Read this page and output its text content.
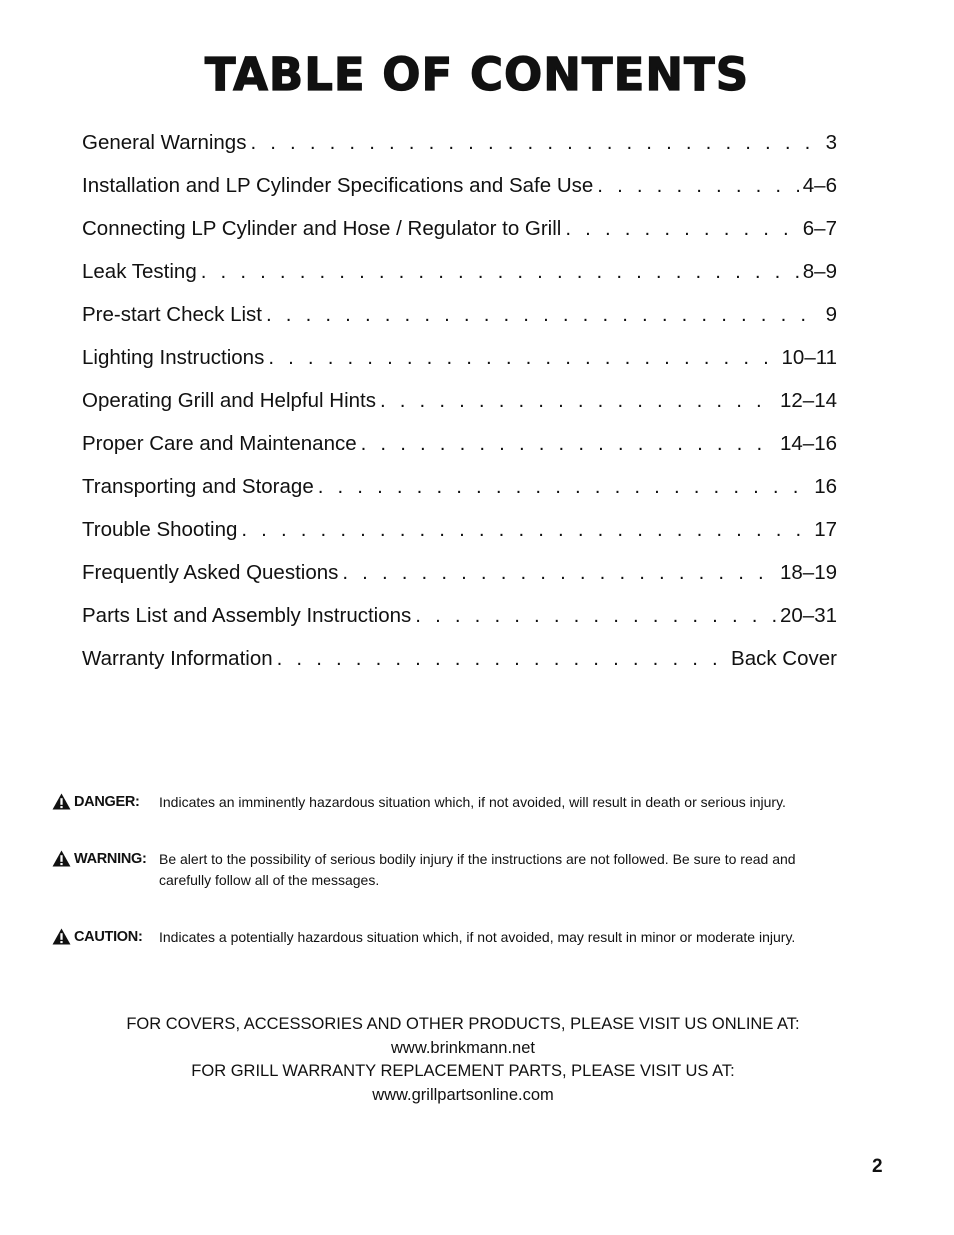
TABLE OF CONTENTS
General Warnings . . .	3
Installation and LP Cylinder Specifications and Safe Use . . .	4–6
Connecting LP Cylinder and Hose / Regulator to Grill . . .	6–7
Leak Testing . . .	8–9
Pre-start Check List . . .	9
Lighting Instructions . . .	10–11
Operating Grill and Helpful Hints . . .	12–14
Proper Care and Maintenance . . .	14–16
Transporting and Storage . . .	16
Trouble Shooting . . .	17
Frequently Asked Questions . . .	18–19
Parts List and Assembly Instructions . . .	20–31
Warranty Information . . .	Back Cover
DANGER: Indicates an imminently hazardous situation which, if not avoided, will result in death or serious injury.
WARNING: Be alert to the possibility of serious bodily injury if the instructions are not followed. Be sure to read and carefully follow all of the messages.
CAUTION: Indicates a potentially hazardous situation which, if not avoided, may result in minor or moderate injury.
FOR COVERS, ACCESSORIES AND OTHER PRODUCTS, PLEASE VISIT US ONLINE AT:
www.brinkmann.net
FOR GRILL WARRANTY REPLACEMENT PARTS, PLEASE VISIT US AT:
www.grillpartsonline.com
2
